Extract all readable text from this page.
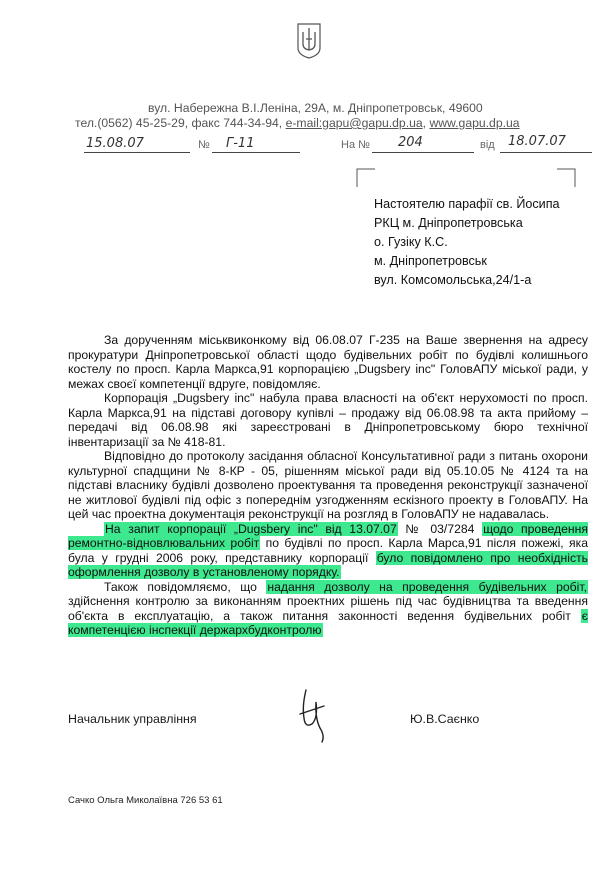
вул. Набережна В.І.Леніна, 29А, м. Дніпропетровськ, 49600
тел.(0562) 45-25-29, факс 744-34-94, e-mail:gapu@gapu.dp.ua, www.gapu.dp.ua
15.08.07	№ Г-11	На № 204	від 18.07.07
Настоятелю парафії св. Йосипа
РКЦ м. Дніпропетровська
о. Гузіку К.С.
м. Дніпропетровськ
вул. Комсомольська,24/1-а

За дорученням міськвиконкому від 06.08.07 Г-235 на Ваше звернення на адресу прокуратури Дніпропетровської області щодо будівельних робіт по будівлі колишнього костелу по просп. Карла Маркса,91 корпорацією „Dugsbery inc" ГоловАПУ міської ради, у межах своєї компетенції вдруге, повідомляє.

Корпорація „Dugsbery inc" набула права власності на об'єкт нерухомості по просп. Карла Маркса,91 на підставі договору купівлі – продажу від 06.08.98 та акта прийому – передачі від 06.08.98 які зареєстровані в Дніпропетровському бюро технічної інвентаризації за № 418-81.

Відповідно до протоколу засідання обласної Консультативної ради з питань охорони культурної спадщини № 8-КР - 05, рішенням міської ради від 05.10.05 № 4124 та на підставі власнику будівлі дозволено проектування та проведення реконструкції зазначеної не житлової будівлі під офіс з попереднім узгодженням ескізного проекту в ГоловАПУ. На цей час проектна документація реконструкції на розгляд в ГоловАПУ не надавалась.

На запит корпорації „Dugsbery inc" від 13.07.07 № 03/7284 щодо проведення ремонтно-відновлювальних робіт по будівлі по просп. Карла Марса,91 після пожежі, яка була у грудні 2006 року, представнику корпорації було повідомлено про необхідність оформлення дозволу в установленому порядку.

Також повідомляємо, що надання дозволу на проведення будівельних робіт, здійснення контролю за виконанням проектних рішень під час будівництва та введення об'єкта в експлуатацію, а також питання законності ведення будівельних робіт є компетенцією інспекції держархбудконтролю

Начальник управління	Ю.В.Саєнко
Сачко Ольга Миколаївна 726 53 61
